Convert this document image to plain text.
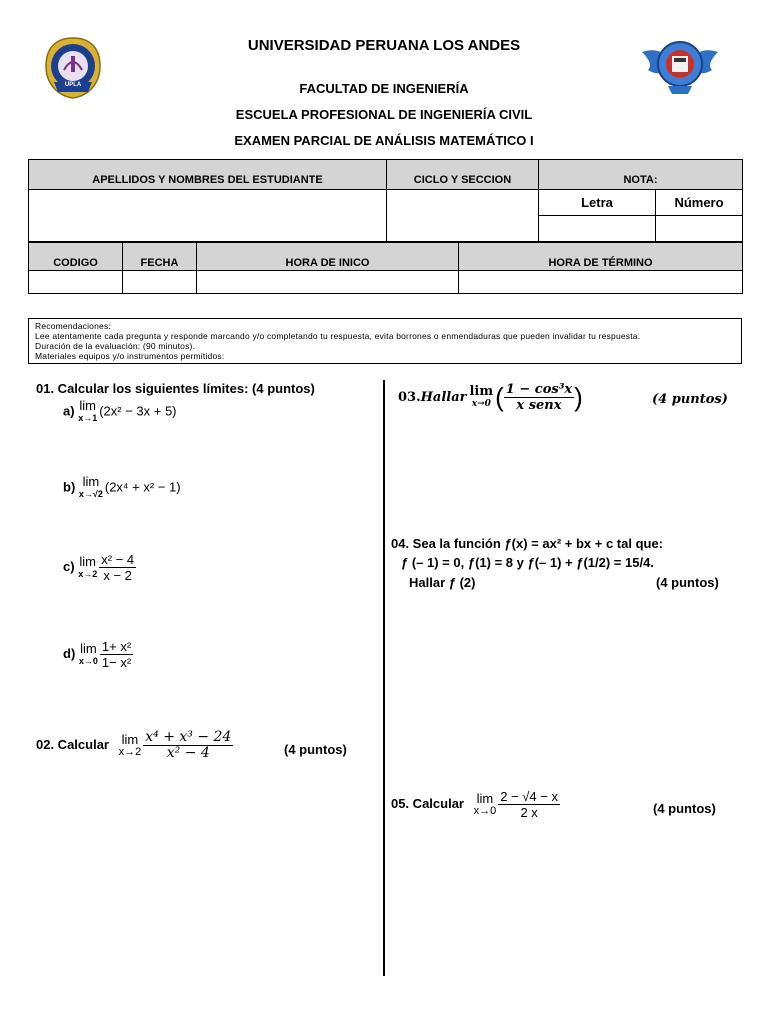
UPLA
UNIVERSIDAD PERUANA LOS ANDES
FACULTAD DE INGENIERÍA
ESCUELA PROFESIONAL DE INGENIERÍA CIVIL
EXAMEN PARCIAL DE ANÁLISIS MATEMÁTICO I
APELLIDOS Y NOMBRES DEL ESTUDIANTE	CICLO Y SECCION	NOTA:	
		Letra	Número

CODIGO	FECHA	HORA DE INICO	HORA DE TÉRMINO

Recomendaciones:
Lee atentamente cada pregunta y responde marcando y/o completando tu respuesta, evita borrones o enmendaduras que pueden invalidar tu respuesta.
Duración de la evaluación: (90 minutos).
Materiales equipos y/o instrumentos permitidos:
01. Calcular los siguientes límites: (4 puntos)
a) lim
x→1 (2x² − 3x + 5)
b) lim
x→√2 (2x⁴ + x² − 1)
c) lim
$x\to 2 \frac{\text{x² − 4}}{x - 2}$
d) lim
$x\to 0 \frac{\text{1+ x²}}{\text{1− x²}}$
02. Calcular lim
$x\to 2 \frac{\text{x⁴ + x³ − 24}}{\text{x² − 4}}$	(4 puntos)
03.Hallar lim
x→0 ( $\frac{\text{1 − cos³x}}{\text{x senx}}$ )	(4 puntos)
04. Sea la función ƒ(x) = ax² + bx + c tal que:
ƒ (– 1) = 0, ƒ(1) = 8 y ƒ(– 1) + ƒ(1/2) = 15/4.
Hallar ƒ (2)	(4 puntos)
05. Calcular lim
$x\to 0 \frac{2 - √4 - x}{2 x}$	(4 puntos)
